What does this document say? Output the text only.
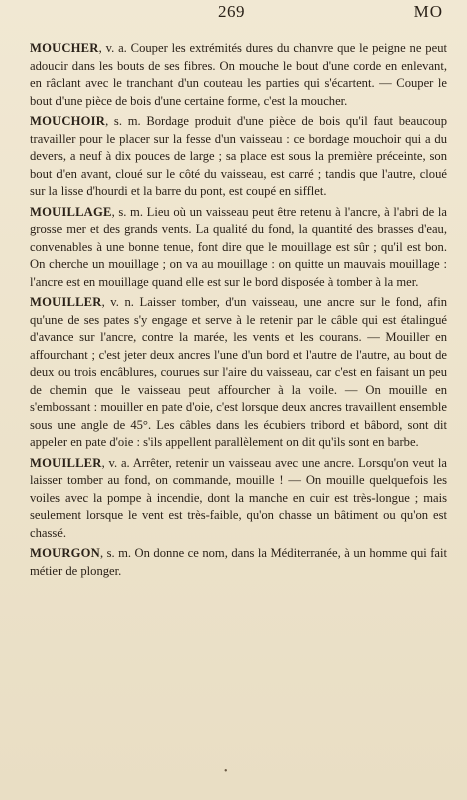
269	MO

MOUCHER, v. a. Couper les extrémités dures du chanvre que le peigne ne peut adoucir dans les bouts de ses fibres. On mouche le bout d'une corde en enlevant, en râclant avec le tranchant d'un couteau les parties qui s'écartent. — Couper le bout d'une pièce de bois d'une certaine forme, c'est la moucher.

MOUCHOIR, s. m. Bordage produit d'une pièce de bois qu'il faut beaucoup travailler pour le placer sur la fesse d'un vaisseau : ce bordage mouchoir qui a du devers, a neuf à dix pouces de large ; sa place est sous la première préceinte, son bout d'en avant, cloué sur le côté du vaisseau, est carré ; tandis que l'autre, cloué sur la lisse d'hourdi et la barre du pont, est coupé en sifflet.

MOUILLAGE, s. m. Lieu où un vaisseau peut être retenu à l'ancre, à l'abri de la grosse mer et des grands vents. La qualité du fond, la quantité des brasses d'eau, convenables à une bonne tenue, font dire que le mouillage est sûr ; qu'il est bon. On cherche un mouillage ; on va au mouillage : on quitte un mauvais mouillage : l'ancre est en mouillage quand elle est sur le bord disposée à tomber à la mer.

MOUILLER, v. n. Laisser tomber, d'un vaisseau, une ancre sur le fond, afin qu'une de ses pates s'y engage et serve à le retenir par le câble qui est étalingué d'avance sur l'ancre, contre la marée, les vents et les courans. — Mouiller en affourchant ; c'est jeter deux ancres l'une d'un bord et l'autre de l'autre, au bout de deux ou trois encâblures, courues sur l'aire du vaisseau, car c'est en faisant un peu de chemin que le vaisseau peut affourcher à la voile. — On mouille en s'embossant : mouiller en pate d'oie, c'est lorsque deux ancres travaillent ensemble sous une angle de 45°. Les câbles dans les écubiers tribord et bâbord, sont dit appeler en pate d'oie : s'ils appellent parallèlement on dit qu'ils sont en barbe.

MOUILLER, v. a. Arrêter, retenir un vaisseau avec une ancre. Lorsqu'on veut la laisser tomber au fond, on commande, mouille ! — On mouille quelquefois les voiles avec la pompe à incendie, dont la manche en cuir est très-longue ; mais seulement lorsque le vent est très-faible, qu'on chasse un bâtiment ou qu'on est chassé.

MOURGON, s. m. On donne ce nom, dans la Méditerranée, à un homme qui fait métier de plonger.

•
